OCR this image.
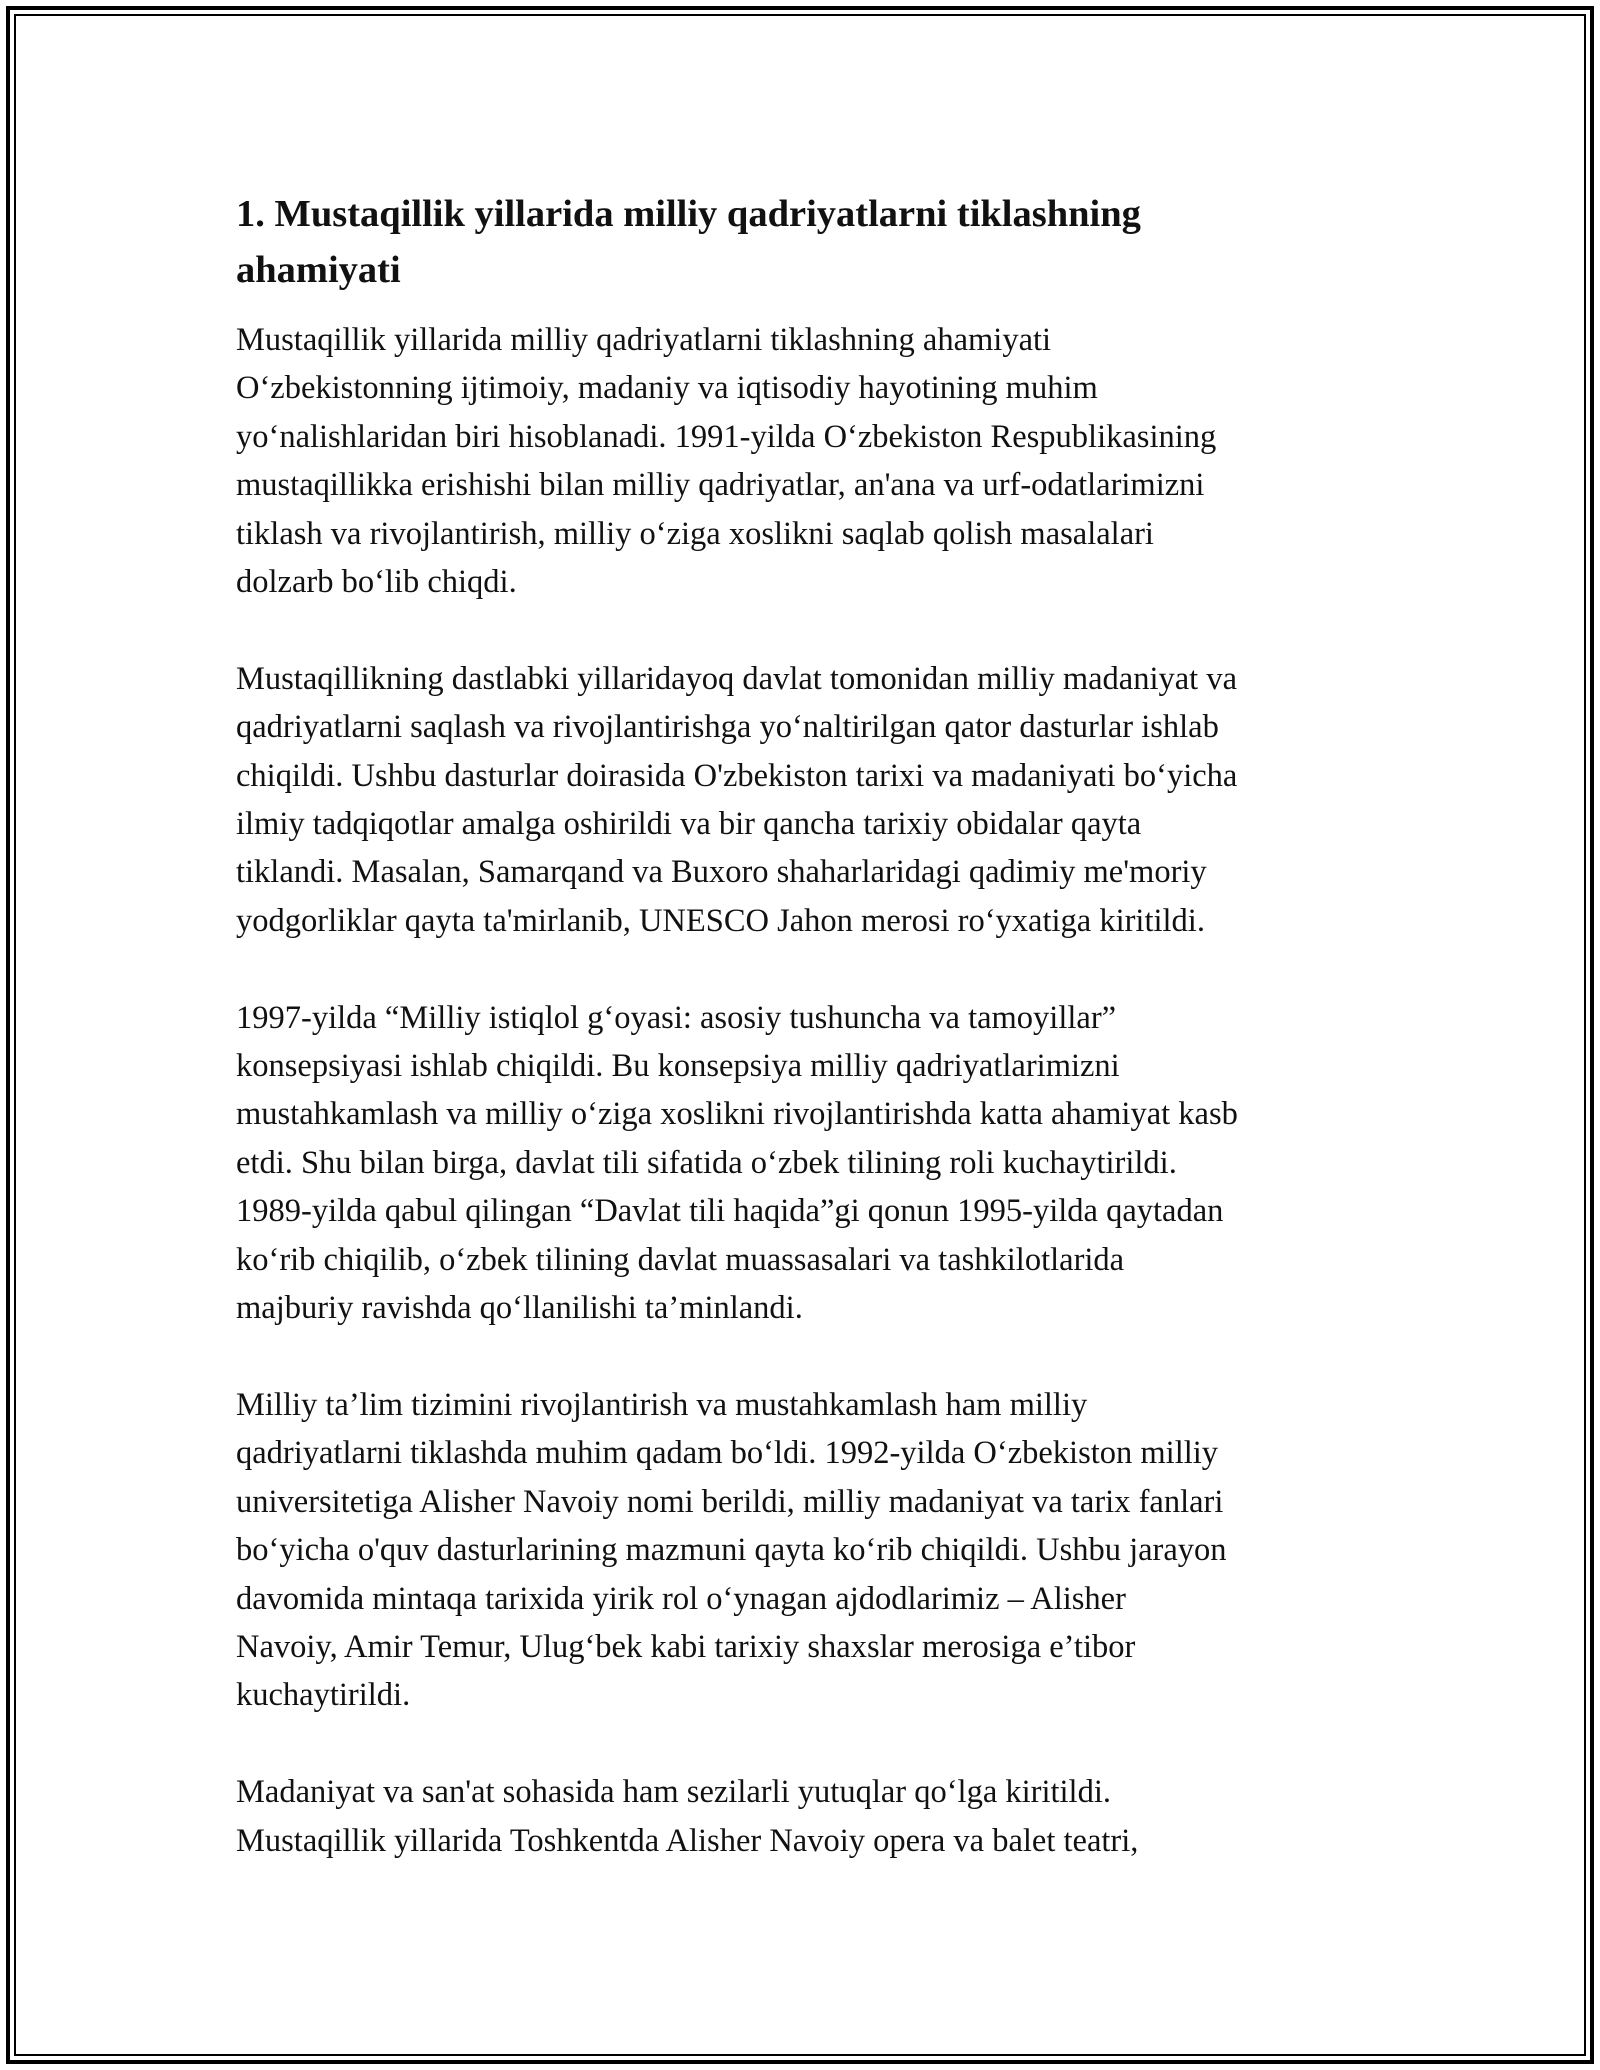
1. Mustaqillik yillarida milliy qadriyatlarni tiklashning
ahamiyati

Mustaqillik yillarida milliy qadriyatlarni tiklashning ahamiyati
O‘zbekistonning ijtimoiy, madaniy va iqtisodiy hayotining muhim
yo‘nalishlaridan biri hisoblanadi. 1991-yilda O‘zbekiston Respublikasining
mustaqillikka erishishi bilan milliy qadriyatlar, an'ana va urf-odatlarimizni
tiklash va rivojlantirish, milliy o‘ziga xoslikni saqlab qolish masalalari
dolzarb bo‘lib chiqdi.

Mustaqillikning dastlabki yillaridayoq davlat tomonidan milliy madaniyat va
qadriyatlarni saqlash va rivojlantirishga yo‘naltirilgan qator dasturlar ishlab
chiqildi. Ushbu dasturlar doirasida O'zbekiston tarixi va madaniyati bo‘yicha
ilmiy tadqiqotlar amalga oshirildi va bir qancha tarixiy obidalar qayta
tiklandi. Masalan, Samarqand va Buxoro shaharlaridagi qadimiy me'moriy
yodgorliklar qayta ta'mirlanib, UNESCO Jahon merosi ro‘yxatiga kiritildi.

1997-yilda “Milliy istiqlol g‘oyasi: asosiy tushuncha va tamoyillar”
konsepsiyasi ishlab chiqildi. Bu konsepsiya milliy qadriyatlarimizni
mustahkamlash va milliy o‘ziga xoslikni rivojlantirishda katta ahamiyat kasb
etdi. Shu bilan birga, davlat tili sifatida o‘zbek tilining roli kuchaytirildi.
1989-yilda qabul qilingan “Davlat tili haqida”gi qonun 1995-yilda qaytadan
ko‘rib chiqilib, o‘zbek tilining davlat muassasalari va tashkilotlarida
majburiy ravishda qo‘llanilishi ta’minlandi.

Milliy ta’lim tizimini rivojlantirish va mustahkamlash ham milliy
qadriyatlarni tiklashda muhim qadam bo‘ldi. 1992-yilda O‘zbekiston milliy
universitetiga Alisher Navoiy nomi berildi, milliy madaniyat va tarix fanlari
bo‘yicha o'quv dasturlarining mazmuni qayta ko‘rib chiqildi. Ushbu jarayon
davomida mintaqa tarixida yirik rol o‘ynagan ajdodlarimiz – Alisher
Navoiy, Amir Temur, Ulug‘bek kabi tarixiy shaxslar merosiga e’tibor
kuchaytirildi.

Madaniyat va san'at sohasida ham sezilarli yutuqlar qo‘lga kiritildi.
Mustaqillik yillarida Toshkentda Alisher Navoiy opera va balet teatri,
